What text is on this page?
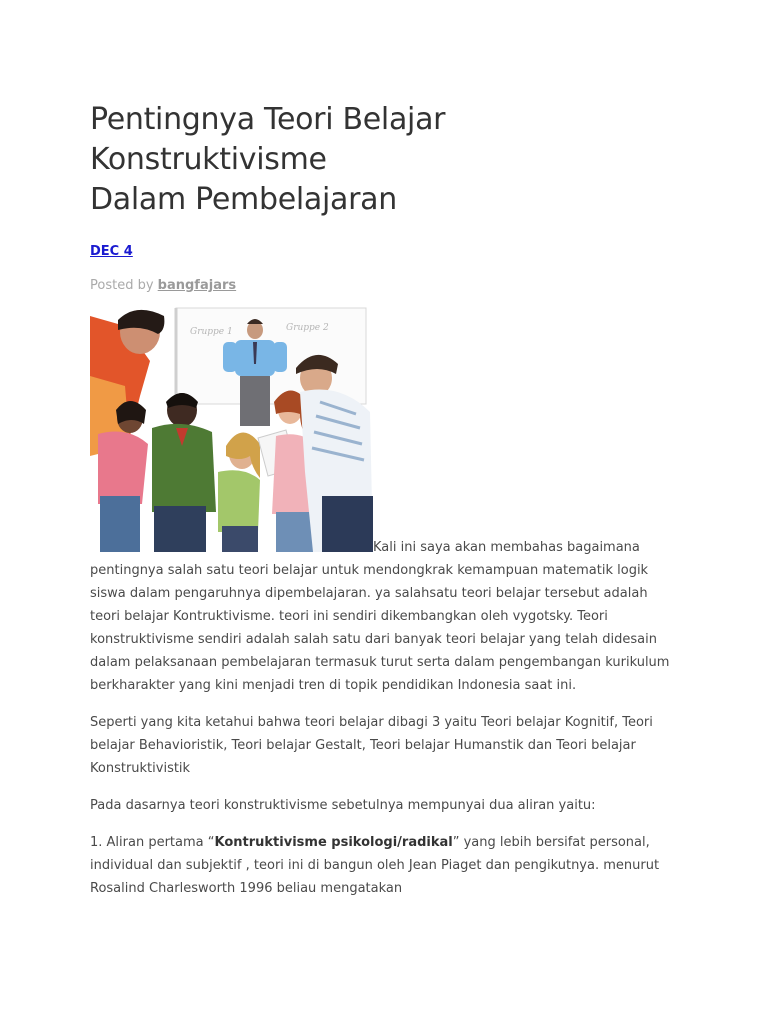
Pentingnya Teori Belajar
Konstruktivisme
Dalam Pembelajaran
DEC 4
Posted by bangfajars
Gruppe 1	Gruppe 2

Kali ini saya akan membahas bagaimana pentingnya salah satu teori belajar untuk mendongkrak kemampuan matematik logik siswa dalam pengaruhnya dipembelajaran. ya salahsatu teori belajar tersebut adalah teori belajar Kontruktivisme. teori ini sendiri dikembangkan oleh vygotsky. Teori konstruktivisme sendiri adalah salah satu dari banyak teori belajar yang telah didesain dalam pelaksanaan pembelajaran termasuk turut serta dalam pengembangan kurikulum berkharakter yang kini menjadi tren di topik pendidikan Indonesia saat ini.

Seperti yang kita ketahui bahwa teori belajar dibagi 3 yaitu Teori belajar Kognitif, Teori belajar Behavioristik, Teori belajar Gestalt, Teori belajar Humanstik dan Teori belajar Konstruktivistik

Pada dasarnya teori konstruktivisme sebetulnya mempunyai dua aliran yaitu:

1. Aliran pertama “Kontruktivisme psikologi/radikal” yang lebih bersifat personal, individual dan subjektif , teori ini di bangun oleh Jean Piaget dan pengikutnya. menurut Rosalind Charlesworth 1996 beliau mengatakan
